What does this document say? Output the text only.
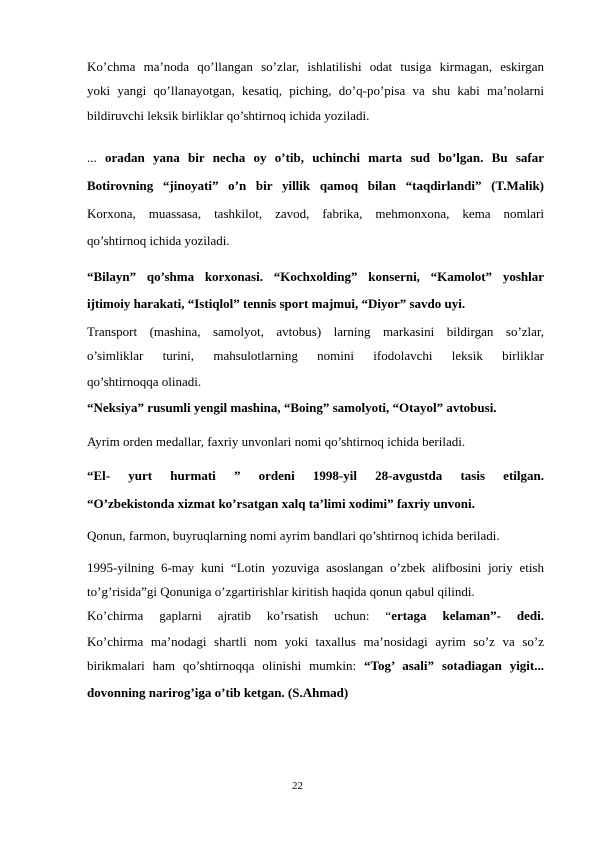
Ko’chma ma’noda qo’llangan so’zlar, ishlatilishi odat tusiga kirmagan, eskirgan
yoki yangi qo’llanayotgan, kesatiq, piching, do’q-po’pisa va shu kabi ma’nolarni
bildiruvchi leksik birliklar qo’shtirnoq ichida yoziladi.
... oradan yana bir necha oy o’tib, uchinchi marta sud bo’lgan. Bu safar
Botirovning “jinoyati” o’n bir yillik qamoq bilan “taqdirlandi” (T.Malik)
Korxona, muassasa, tashkilot, zavod, fabrika, mehmonxona, kema nomlari
qo’shtirnoq ichida yoziladi.
“Bilayn” qo’shma korxonasi. “Kochxolding” konserni, “Kamolot” yoshlar
ijtimoiy harakati, “Istiqlol” tennis sport majmui, “Diyor” savdo uyi.
Transport (mashina, samolyot, avtobus) larning markasini bildirgan so’zlar,
o’simliklar turini, mahsulotlarning nomini ifodolavchi leksik birliklar
qo’shtirnoqqa olinadi.
“Neksiya” rusumli yengil mashina, “Boing” samolyoti, “Otayol” avtobusi.
Ayrim orden medallar, faxriy unvonlari nomi qo’shtirnoq ichida beriladi.
“El- yurt hurmati ” ordeni 1998-yil 28-avgustda tasis etilgan.
“O’zbekistonda xizmat ko’rsatgan xalq ta’limi xodimi” faxriy unvoni.
Qonun, farmon, buyruqlarning nomi ayrim bandlari qo’shtirnoq ichida beriladi.
1995-yilning 6-may kuni “Lotin yozuviga asoslangan o’zbek alifbosini joriy etish
to’g’risida”gi Qonuniga o’zgartirishlar kiritish haqida qonun qabul qilindi.
Ko’chirma gaplarni ajratib ko’rsatish uchun: “ertaga kelaman”- dedi.
Ko’chirma ma’nodagi shartli nom yoki taxallus ma’nosidagi ayrim so’z va so’z
birikmalari ham qo’shtirnoqqa olinishi mumkin: “Tog’ asali” sotadiagan yigit...
dovonning narirog’iga o’tib ketgan. (S.Ahmad)
22
